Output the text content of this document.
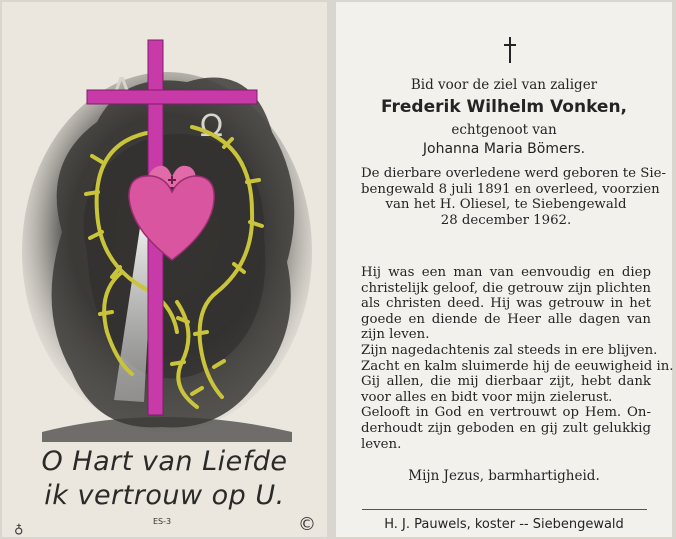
Ω
O Hart van Liefde
ik vertrouw op U.
ES-3
♁	©
Bid voor de ziel van zaliger
Frederik Wilhelm Vonken,
echtgenoot van
Johanna Maria Bömers.
De dierbare overledene werd geboren te Sie-
bengewald 8 juli 1891 en overleed, voorzien
van het H. Oliesel, te Siebengewald
28 december 1962.
Hij was een man van eenvoudig en diep
christelijk geloof, die getrouw zijn plichten
als christen deed. Hij was getrouw in het
goede en diende de Heer alle dagen van
zijn leven.
Zijn nagedachtenis zal steeds in ere blijven.
Zacht en kalm sluimerde hij de eeuwigheid in.
Gij allen, die mij dierbaar zijt, hebt dank
voor alles en bidt voor mijn zielerust.
Gelooft in God en vertrouwt op Hem. On-
derhoudt zijn geboden en gij zult gelukkig
leven.
Mijn Jezus, barmhartigheid.
H. J. Pauwels, koster -- Siebengewald
